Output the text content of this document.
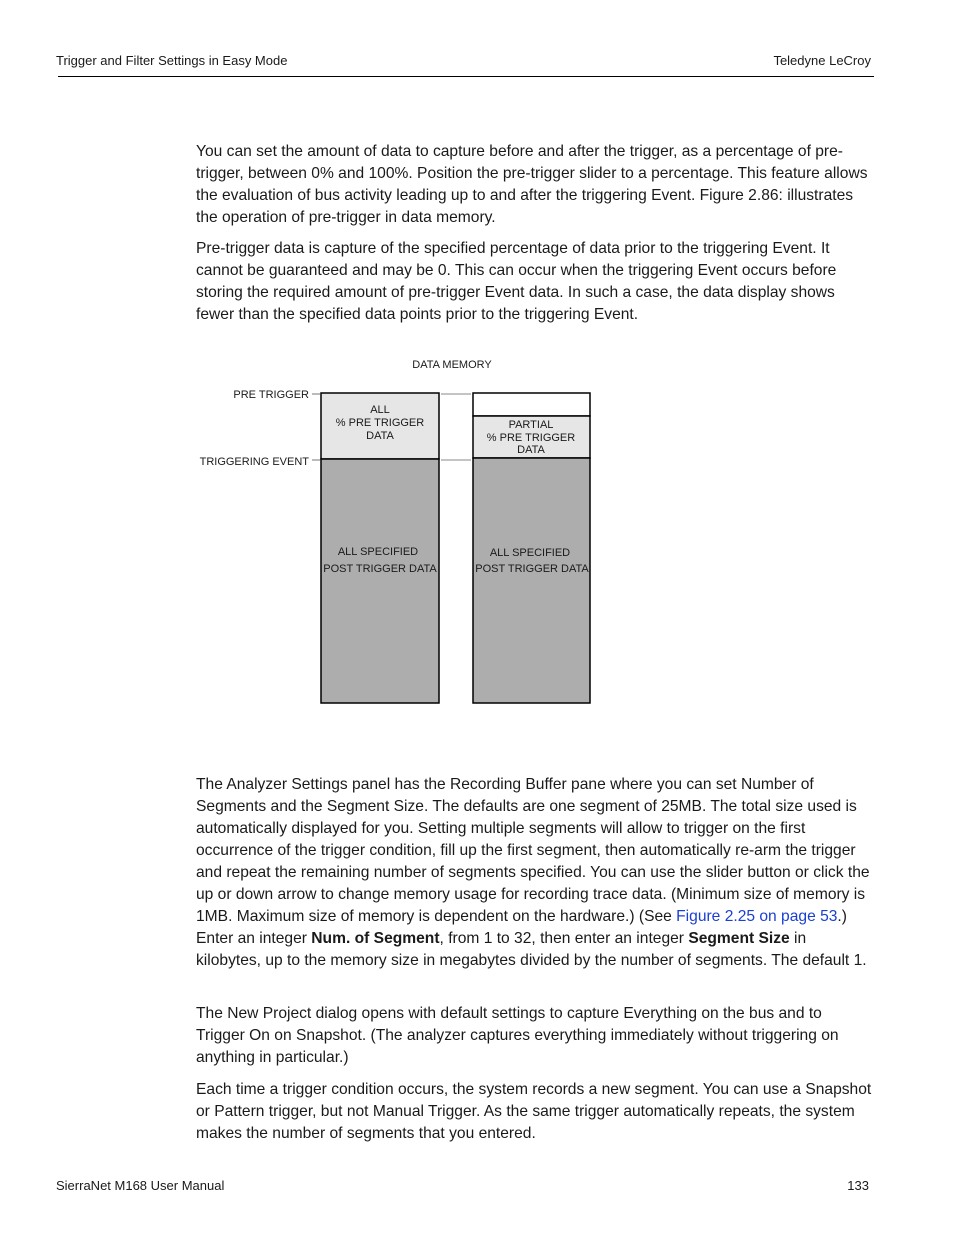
Trigger and Filter Settings in Easy Mode	Teledyne LeCroy

You can set the amount of data to capture before and after the trigger, as a percentage of pre-trigger, between 0% and 100%. Position the pre-trigger slider to a percentage. This feature allows the evaluation of bus activity leading up to and after the triggering Event. Figure 2.86: illustrates the operation of pre-trigger in data memory.

Pre-trigger data is capture of the specified percentage of data prior to the triggering Event. It cannot be guaranteed and may be 0. This can occur when the triggering Event occurs before storing the required amount of pre-trigger Event data. In such a case, the data display shows fewer than the specified data points prior to the triggering Event.

DATA MEMORY
PRE TRIGGER
TRIGGERING EVENT
ALL
% PRE TRIGGER
DATA
ALL SPECIFIED
POST TRIGGER DATA
PARTIAL
% PRE TRIGGER
DATA
ALL SPECIFIED
POST TRIGGER DATA

The Analyzer Settings panel has the Recording Buffer pane where you can set Number of Segments and the Segment Size. The defaults are one segment of 25MB. The total size used is automatically displayed for you. Setting multiple segments will allow to trigger on the first occurrence of the trigger condition, fill up the first segment, then automatically re-arm the trigger and repeat the remaining number of segments specified. You can use the slider button or click the up or down arrow to change memory usage for recording trace data. (Minimum size of memory is 1MB. Maximum size of memory is dependent on the hardware.) (See Figure 2.25 on page 53.) Enter an integer Num. of Segment, from 1 to 32, then enter an integer Segment Size in kilobytes, up to the memory size in megabytes divided by the number of segments. The default 1.

The New Project dialog opens with default settings to capture Everything on the bus and to Trigger On on Snapshot. (The analyzer captures everything immediately without triggering on anything in particular.)

Each time a trigger condition occurs, the system records a new segment. You can use a Snapshot or Pattern trigger, but not Manual Trigger. As the same trigger automatically repeats, the system makes the number of segments that you entered.

SierraNet M168 User Manual	133
